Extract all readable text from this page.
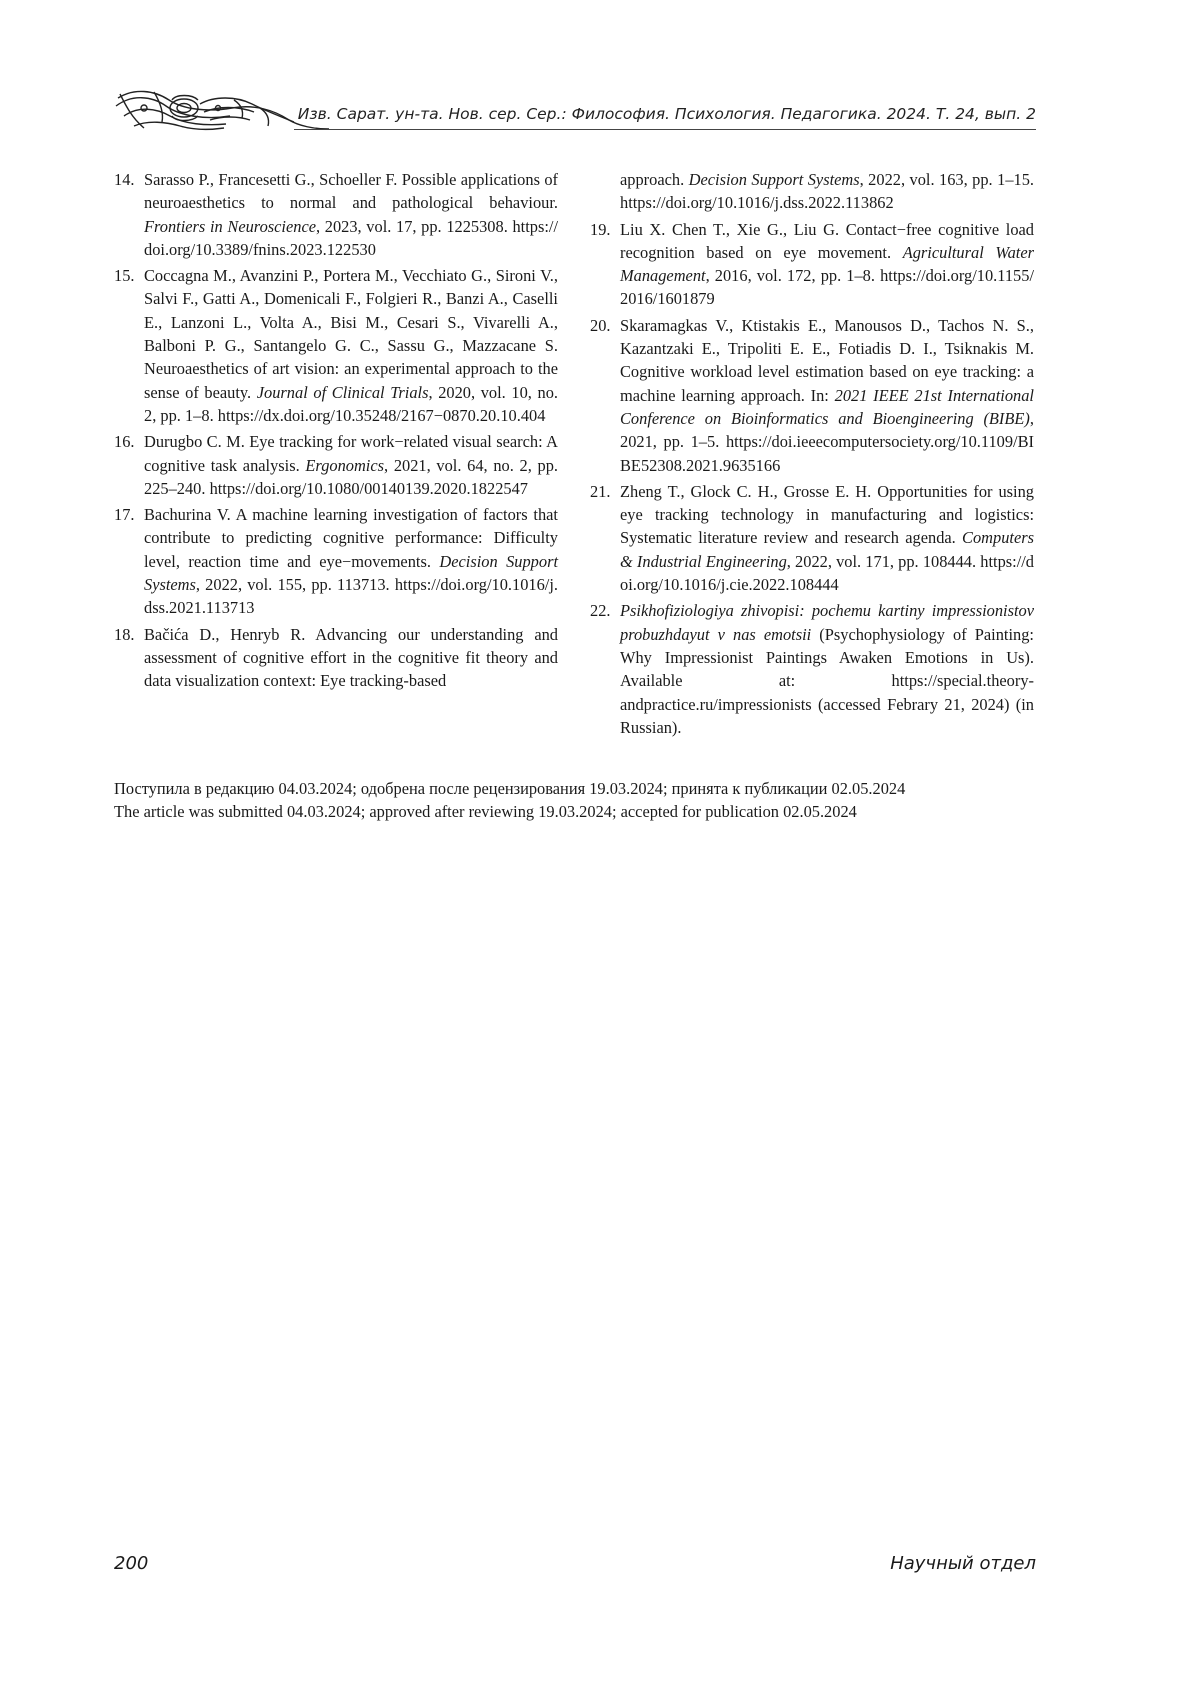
Изв. Сарат. ун-та. Нов. сер. Сер.: Философия. Психология. Педагогика. 2024. Т. 24, вып. 2
14. Sarasso P., Francesetti G., Schoeller F. Possible applications of neuroaesthetics to normal and pathological behaviour. Frontiers in Neuroscience, 2023, vol. 17, pp. 1225308. https://doi.org/10.3389/fnins.2023.122530
15. Coccagna M., Avanzini P., Portera M., Vecchiato G., Sironi V., Salvi F., Gatti A., Domenicali F., Folgieri R., Banzi A., Caselli E., Lanzoni L., Volta A., Bisi M., Cesari S., Vivarelli A., Balboni P. G., Santangelo G. C., Sassu G., Mazzacane S. Neuroaesthetics of art vision: an experimental approach to the sense of beauty. Journal of Clinical Trials, 2020, vol. 10, no. 2, pp. 1–8. https://dx.doi.org/10.35248/2167−0870.20.10.404
16. Durugbo C. M. Eye tracking for work−related visual search: A cognitive task analysis. Ergonomics, 2021, vol. 64, no. 2, pp. 225–240. https://doi.org/10.1080/00140139.2020.1822547
17. Bachurina V. A machine learning investigation of factors that contribute to predicting cognitive performance: Difficulty level, reaction time and eye−movements. Decision Support Systems, 2022, vol. 155, pp. 113713. https://doi.org/10.1016/j.dss.2021.113713
18. Bačića D., Henryb R. Advancing our understanding and assessment of cognitive effort in the cognitive fit theory and data visualization context: Eye tracking-based
approach. Decision Support Systems, 2022, vol. 163, pp. 1–15. https://doi.org/10.1016/j.dss.2022.113862
19. Liu X. Chen T., Xie G., Liu G. Contact−free cognitive load recognition based on eye movement. Agricultural Water Management, 2016, vol. 172, pp. 1–8. https://doi.org/10.1155/2016/1601879
20. Skaramagkas V., Ktistakis E., Manousos D., Tachos N. S., Kazantzaki E., Tripoliti E. E., Fotiadis D. I., Tsiknakis M. Cognitive workload level estimation based on eye tracking: a machine learning approach. In: 2021 IEEE 21st International Conference on Bioinformatics and Bioengineering (BIBE), 2021, pp. 1–5. https://doi.ieeecomputersociety.org/10.1109/BIBE52308.2021.9635166
21. Zheng T., Glock C. H., Grosse E. H. Opportunities for using eye tracking technology in manufacturing and logistics: Systematic literature review and research agenda. Computers & Industrial Engineering, 2022, vol. 171, pp. 108444. https://doi.org/10.1016/j.cie.2022.108444
22. Psikhofiziologiya zhivopisi: pochemu kartiny impressionistov probuzhdayut v nas emotsii (Psychophysiology of Painting: Why Impressionist Paintings Awaken Emotions in Us). Available at: https://special.theory-andpractice.ru/impressionists (accessed Febrary 21, 2024) (in Russian).
Поступила в редакцию 04.03.2024; одобрена после рецензирования 19.03.2024; принята к публикации 02.05.2024
The article was submitted 04.03.2024; approved after reviewing 19.03.2024; accepted for publication 02.05.2024
200	Научный отдел
